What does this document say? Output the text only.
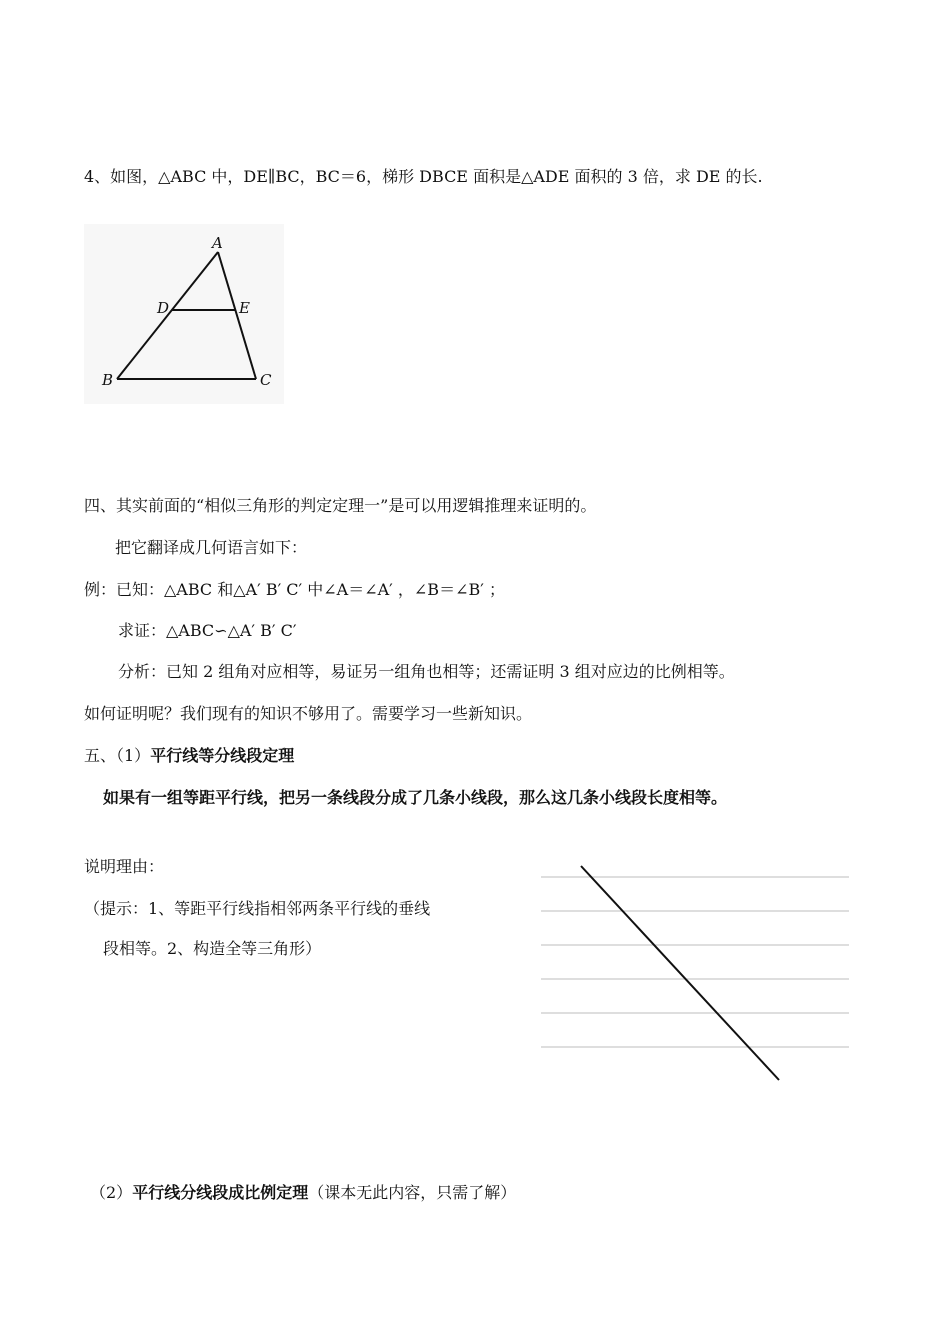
4、如图，△ABC 中，DE∥BC，BC＝6，梯形 DBCE 面积是△ADE 面积的 3 倍，求 DE 的长.
A
D	E
B	C
四、其实前面的“相似三角形的判定定理一”是可以用逻辑推理来证明的。
把它翻译成几何语言如下：
例：已知：△ABC 和△A′ B′ C′ 中∠A＝∠A′ ，∠B＝∠B′ ；
求证：△ABC∽△A′ B′ C′
分析：已知 2 组角对应相等，易证另一组角也相等；还需证明 3 组对应边的比例相等。
如何证明呢？我们现有的知识不够用了。需要学习一些新知识。
五、（1）平行线等分线段定理
如果有一组等距平行线，把另一条线段分成了几条小线段，那么这几条小线段长度相等。
说明理由：
（提示：1、等距平行线指相邻两条平行线的垂线
段相等。2、构造全等三角形）
（2）平行线分线段成比例定理（课本无此内容，只需了解）
